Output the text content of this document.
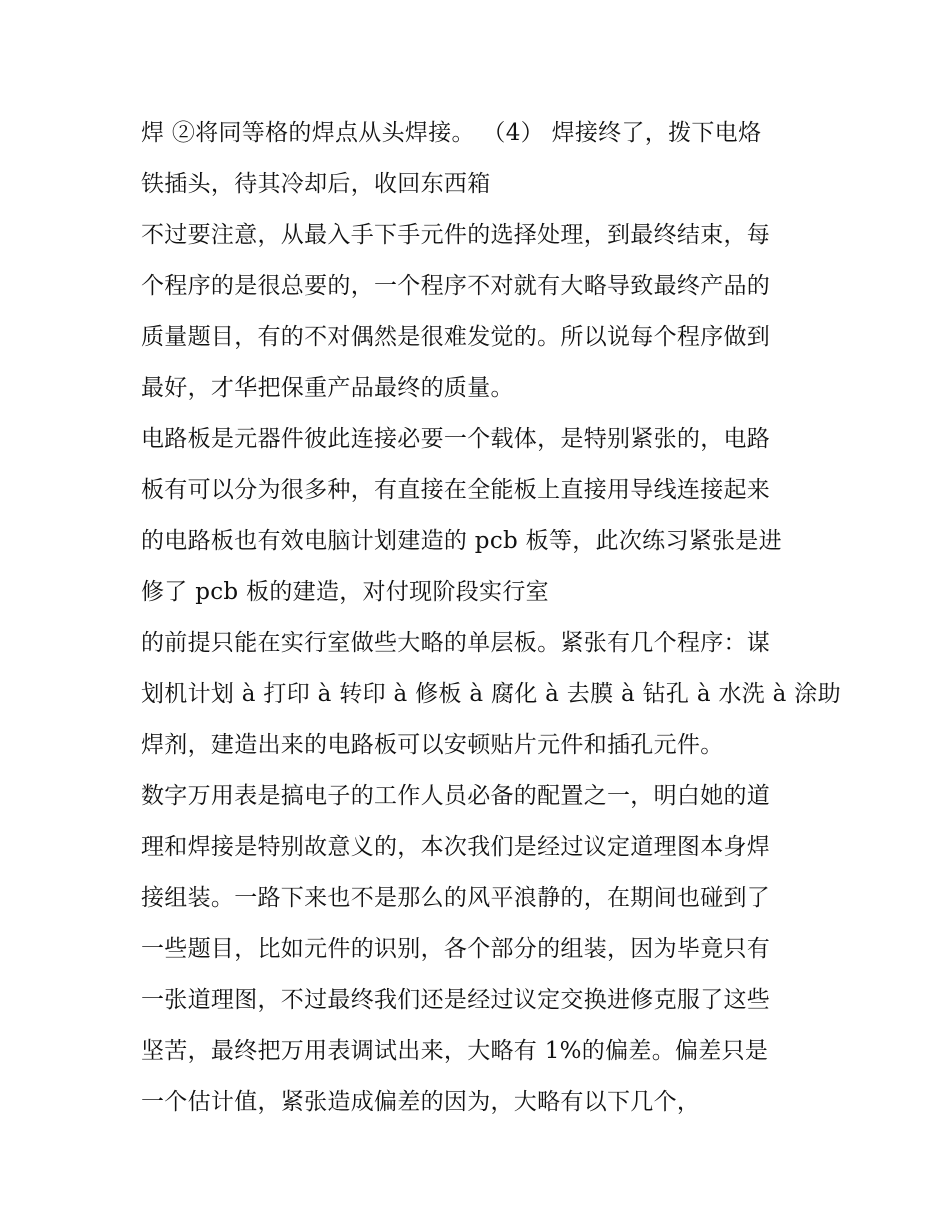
焊 ②将同等格的焊点从头焊接。 （4） 焊接终了，拨下电烙
铁插头，待其冷却后，收回东西箱
不过要注意，从最入手下手元件的选择处理，到最终结束，每
个程序的是很总要的，一个程序不对就有大略导致最终产品的
质量题目，有的不对偶然是很难发觉的。所以说每个程序做到
最好，才华把保重产品最终的质量。
电路板是元器件彼此连接必要一个载体，是特别紧张的，电路
板有可以分为很多种，有直接在全能板上直接用导线连接起来
的电路板也有效电脑计划建造的 pcb 板等，此次练习紧张是进
修了 pcb 板的建造，对付现阶段实行室
的前提只能在实行室做些大略的单层板。紧张有几个程序：谋
划机计划 à 打印 à 转印 à 修板 à 腐化 à 去膜 à 钻孔 à 水洗 à 涂助
焊剂，建造出来的电路板可以安顿贴片元件和插孔元件。
数字万用表是搞电子的工作人员必备的配置之一，明白她的道
理和焊接是特别故意义的，本次我们是经过议定道理图本身焊
接组装。一路下来也不是那么的风平浪静的，在期间也碰到了
一些题目，比如元件的识别，各个部分的组装，因为毕竟只有
一张道理图，不过最终我们还是经过议定交换进修克服了这些
坚苦，最终把万用表调试出来，大略有 1%的偏差。偏差只是
一个估计值，紧张造成偏差的因为，大略有以下几个，
